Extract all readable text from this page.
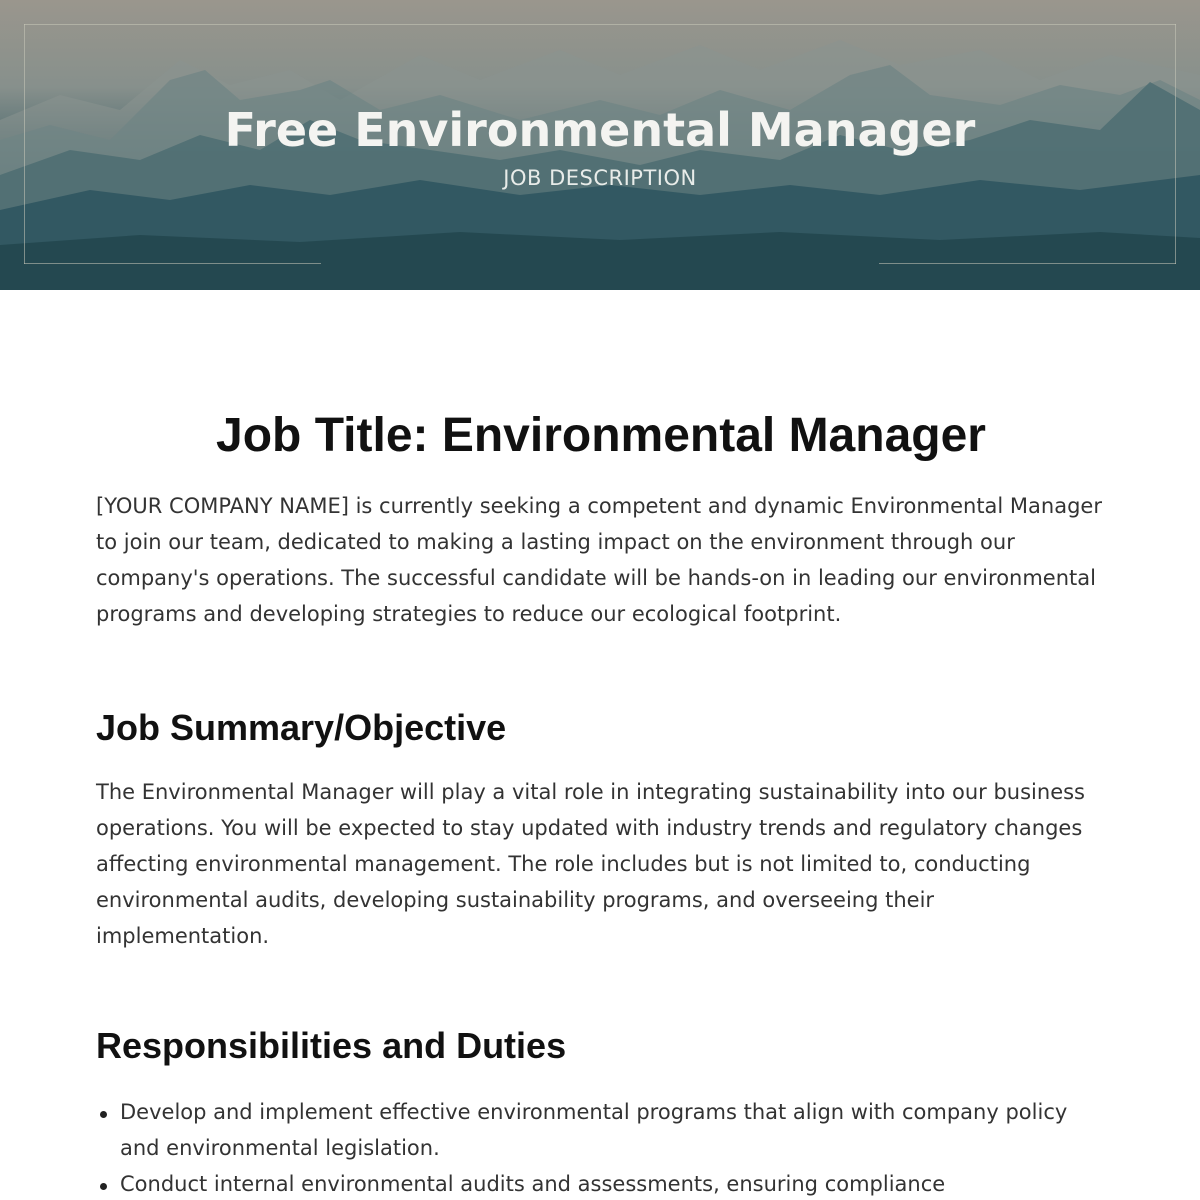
Free Environmental Manager

JOB DESCRIPTION

Job Title: Environmental Manager

[YOUR COMPANY NAME] is currently seeking a competent and dynamic Environmental Manager to join our team, dedicated to making a lasting impact on the environment through our company's operations. The successful candidate will be hands-on in leading our environmental programs and developing strategies to reduce our ecological footprint.

Job Summary/Objective

The Environmental Manager will play a vital role in integrating sustainability into our business operations. You will be expected to stay updated with industry trends and regulatory changes affecting environmental management. The role includes but is not limited to, conducting environmental audits, developing sustainability programs, and overseeing their implementation.

Responsibilities and Duties
Develop and implement effective environmental programs that align with company policy and environmental legislation.
Conduct internal environmental audits and assessments, ensuring compliance
